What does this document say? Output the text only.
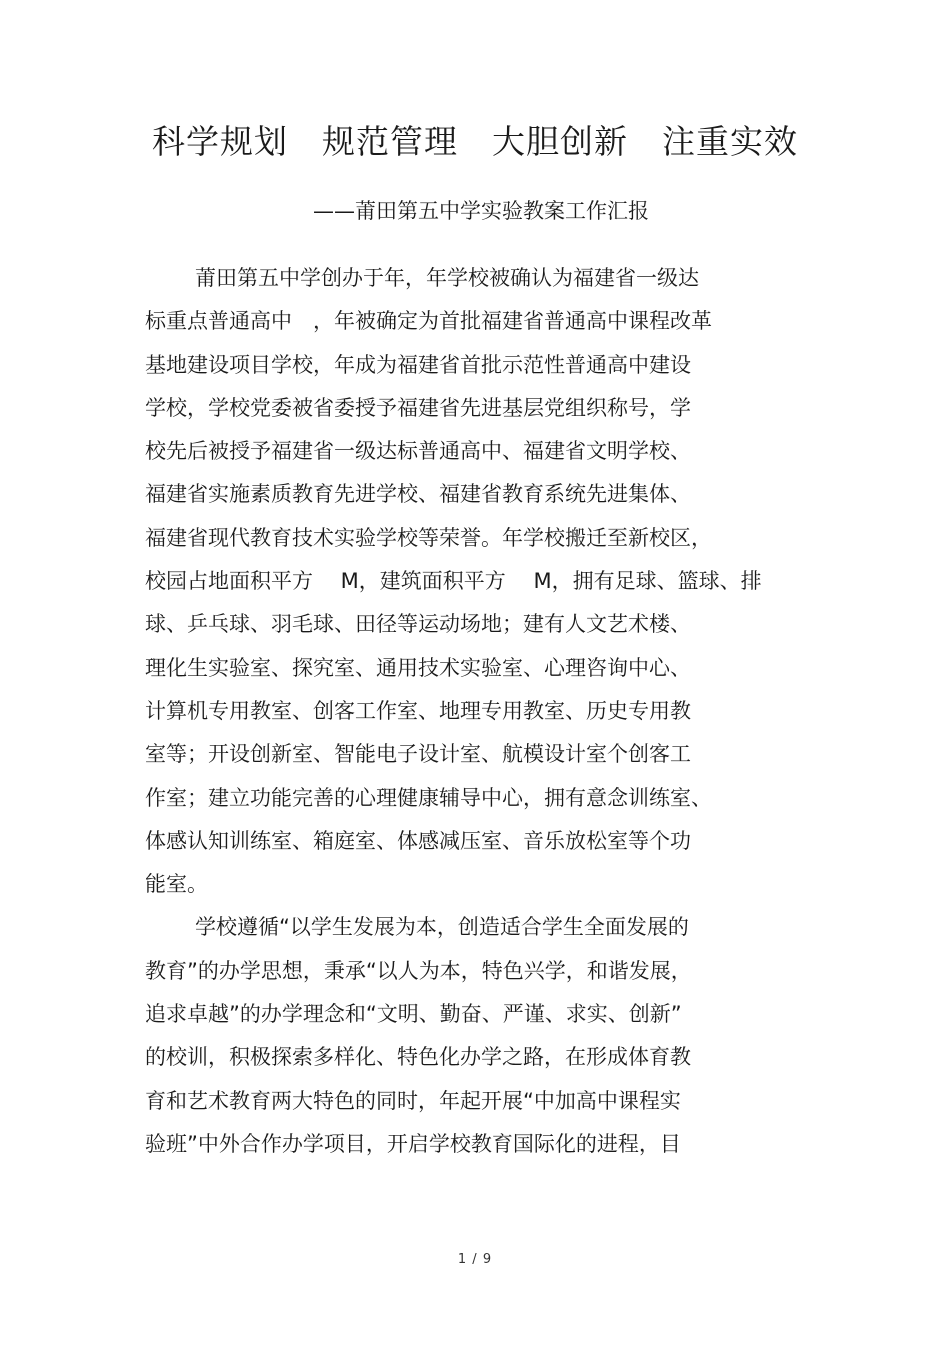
科学规划　规范管理　大胆创新　注重实效
——莆田第五中学实验教案工作汇报
莆田第五中学创办于年，年学校被确认为福建省一级达
标重点普通高中　，年被确定为首批福建省普通高中课程改革
基地建设项目学校，年成为福建省首批示范性普通高中建设
学校，学校党委被省委授予福建省先进基层党组织称号，学
校先后被授予福建省一级达标普通高中、福建省文明学校、
福建省实施素质教育先进学校、福建省教育系统先进集体、
福建省现代教育技术实验学校等荣誉。年学校搬迁至新校区，
校园占地面积平方　 M，建筑面积平方　 M，拥有足球、篮球、排
球、乒乓球、羽毛球、田径等运动场地；建有人文艺术楼、
理化生实验室、探究室、通用技术实验室、心理咨询中心、
计算机专用教室、创客工作室、地理专用教室、历史专用教
室等；开设创新室、智能电子设计室、航模设计室个创客工
作室；建立功能完善的心理健康辅导中心，拥有意念训练室、
体感认知训练室、箱庭室、体感减压室、音乐放松室等个功
能室。
学校遵循“以学生发展为本，创造适合学生全面发展的
教育”的办学思想，秉承“以人为本，特色兴学，和谐发展，
追求卓越”的办学理念和“文明、勤奋、严谨、求实、创新”
的校训，积极探索多样化、特色化办学之路，在形成体育教
育和艺术教育两大特色的同时，年起开展“中加高中课程实
验班”中外合作办学项目，开启学校教育国际化的进程，目
1 / 9
